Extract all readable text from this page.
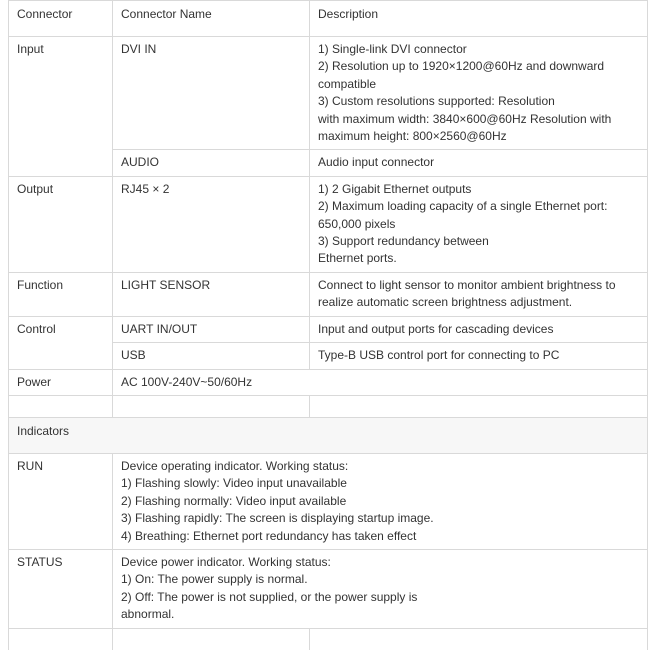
Connector	Connector Name	Description
Input	DVI IN	1) Single-link DVI connector
2) Resolution up to 1920×1200@60Hz and downward compatible
3) Custom resolutions supported: Resolution
with maximum width: 3840×600@60Hz Resolution with maximum height: 800×2560@60Hz

	AUDIO	Audio input connector
Output	RJ45 × 2	1) 2 Gigabit Ethernet outputs
2) Maximum loading capacity of a single Ethernet port: 650,000 pixels
3) Support redundancy between
Ethernet ports.

Function	LIGHT SENSOR	Connect to light sensor to monitor ambient brightness to realize automatic screen brightness adjustment.
Control	UART IN/OUT	Input and output ports for cascading devices
	USB	Type-B USB control port for connecting to PC
Power	AC 100V-240V~50/60Hz	

Indicators		
RUN	Device operating indicator. Working status:
1) Flashing slowly: Video input unavailable
2) Flashing normally: Video input available
3) Flashing rapidly: The screen is displaying startup image.
4) Breathing: Ethernet port redundancy has taken effect	

STATUS	Device power indicator. Working status:
1) On: The power supply is normal.
2) Off: The power is not supplied, or the power supply is abnormal.	
